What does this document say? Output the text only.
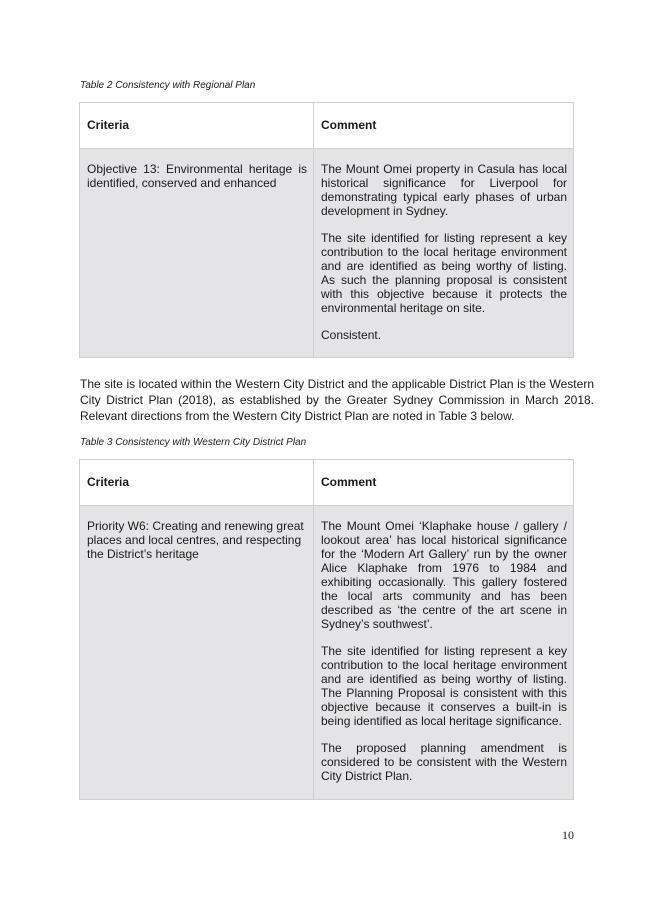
Table 2 Consistency with Regional Plan
Criteria	Comment

Objective 13: Environmental heritage is identified, conserved and enhanced	The Mount Omei property in Casula has local historical significance for Liverpool for demonstrating typical early phases of urban development in Sydney.

The site identified for listing represent a key contribution to the local heritage environment and are identified as being worthy of listing. As such the planning proposal is consistent with this objective because it protects the environmental heritage on site.

Consistent.

The site is located within the Western City District and the applicable District Plan is the Western City District Plan (2018), as established by the Greater Sydney Commission in March 2018. Relevant directions from the Western City District Plan are noted in Table 3 below.

Table 3 Consistency with Western City District Plan
Criteria	Comment

Priority W6: Creating and renewing great places and local centres, and respecting the District’s heritage	The Mount Omei ‘Klaphake house / gallery / lookout area’ has local historical significance for the ‘Modern Art Gallery’ run by the owner Alice Klaphake from 1976 to 1984 and exhibiting occasionally. This gallery fostered the local arts community and has been described as ‘the centre of the art scene in Sydney’s southwest’.

The site identified for listing represent a key contribution to the local heritage environment and are identified as being worthy of listing. The Planning Proposal is consistent with this objective because it conserves a built-in is being identified as local heritage significance.

The proposed planning amendment is considered to be consistent with the Western City District Plan.

10
